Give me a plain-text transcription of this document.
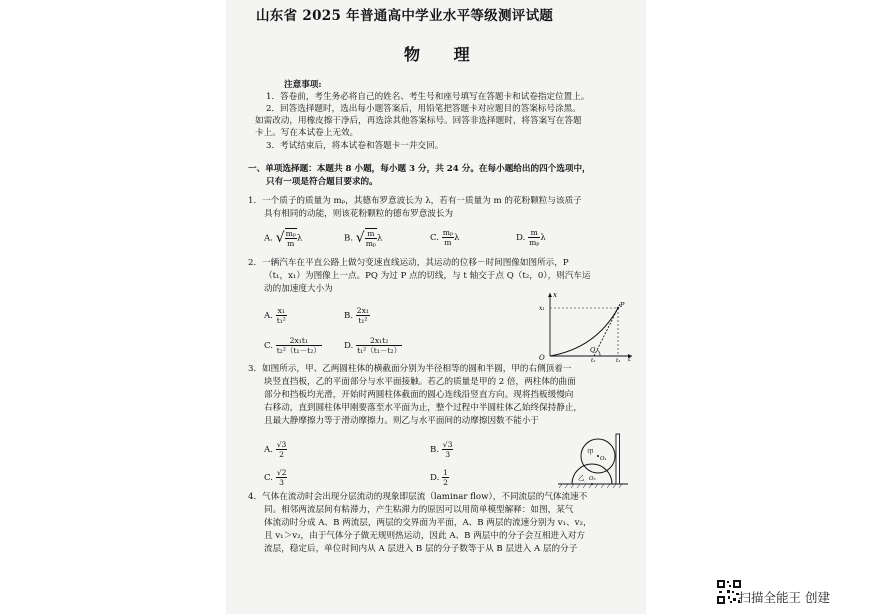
山东省 2025 年普通高中学业水平等级测评试题
物 理
注意事项:
1．答卷前，考生务必将自己的姓名、考生号和座号填写在答题卡和试卷指定位置上。
2．回答选择题时，选出每小题答案后，用铅笔把答题卡对应题目的答案标号涂黑。
如需改动，用橡皮擦干净后，再选涂其他答案标号。回答非选择题时，将答案写在答题
卡上。写在本试卷上无效。
3．考试结束后，将本试卷和答题卡一并交回。
一、单项选择题：本题共 8 小题，每小题 3 分，共 24 分。在每小题给出的四个选项中，
只有一项是符合题目要求的。
1．一个质子的质量为 mₚ，其德布罗意波长为 λ，若有一质量为 m 的花粉颗粒与该质子
具有相同的动能，则该花粉颗粒的德布罗意波长为
A. √ $\frac{\text{mₚ}}{m}$ λ	B. √ $\frac{m}{\text{mₚ}}$ λ	C. $\frac{\text{mₚ}}{m}$ λ	D. $\frac{m}{\text{mₚ}}$ λ
2．一辆汽车在平直公路上做匀变速直线运动，其运动的位移－时间图像如图所示，P
（t₁，x₁）为图像上一点。PQ 为过 P 点的切线，与 t 轴交于点 Q（t₂，0），则汽车运
动的加速度大小为
A. $\frac{\text{x₁}}{\text{t₁²}}$	B. $\frac{\text{2x₁}}{\text{t₁²}}$
C. $\frac{\text{2x₁t₁}}{\text{t₂²（t₁－t₂）}}$	D. $\frac{\text{2x₁t₂}}{\text{t₁²（t₁－t₂）}}$
O
x
t
x₁	P
Q
t₂	t₁
3．如图所示，甲、乙两圆柱体的横截面分别为半径相等的圆和半圆，甲的右侧顶着一
块竖直挡板，乙的平面部分与水平面接触。若乙的质量是甲的 2 倍，两柱体的曲面
部分和挡板均光滑，开始时两圆柱体截面的圆心连线沿竖直方向。现将挡板缓慢向
右移动，直到圆柱体甲刚要落至水平面为止，整个过程中半圆柱体乙始终保持静止，
且最大静摩擦力等于滑动摩擦力。则乙与水平面间的动摩擦因数不能小于
A. $\frac{√3}{2}$	B. $\frac{√3}{3}$
C. $\frac{√2}{3}$	D. $\frac{1}{2}$
甲
O₁
乙 O₂
4．气体在流动时会出现分层流动的现象即层流（laminar flow），不同流层的气体流速不
同。相邻两流层间有粘滞力，产生粘滞力的原因可以用简单模型解释：如图，某气
体流动时分成 A、B 两流层，两层的交界面为平面，A、B 两层的流速分别为 v₁、v₂，
且 v₁＞v₂，由于气体分子做无规则热运动，因此 A、B 两层中的分子会互相进入对方
流层，稳定后，单位时间内从 A 层进入 B 层的分子数等于从 B 层进入 A 层的分子
扫描全能王 创建
